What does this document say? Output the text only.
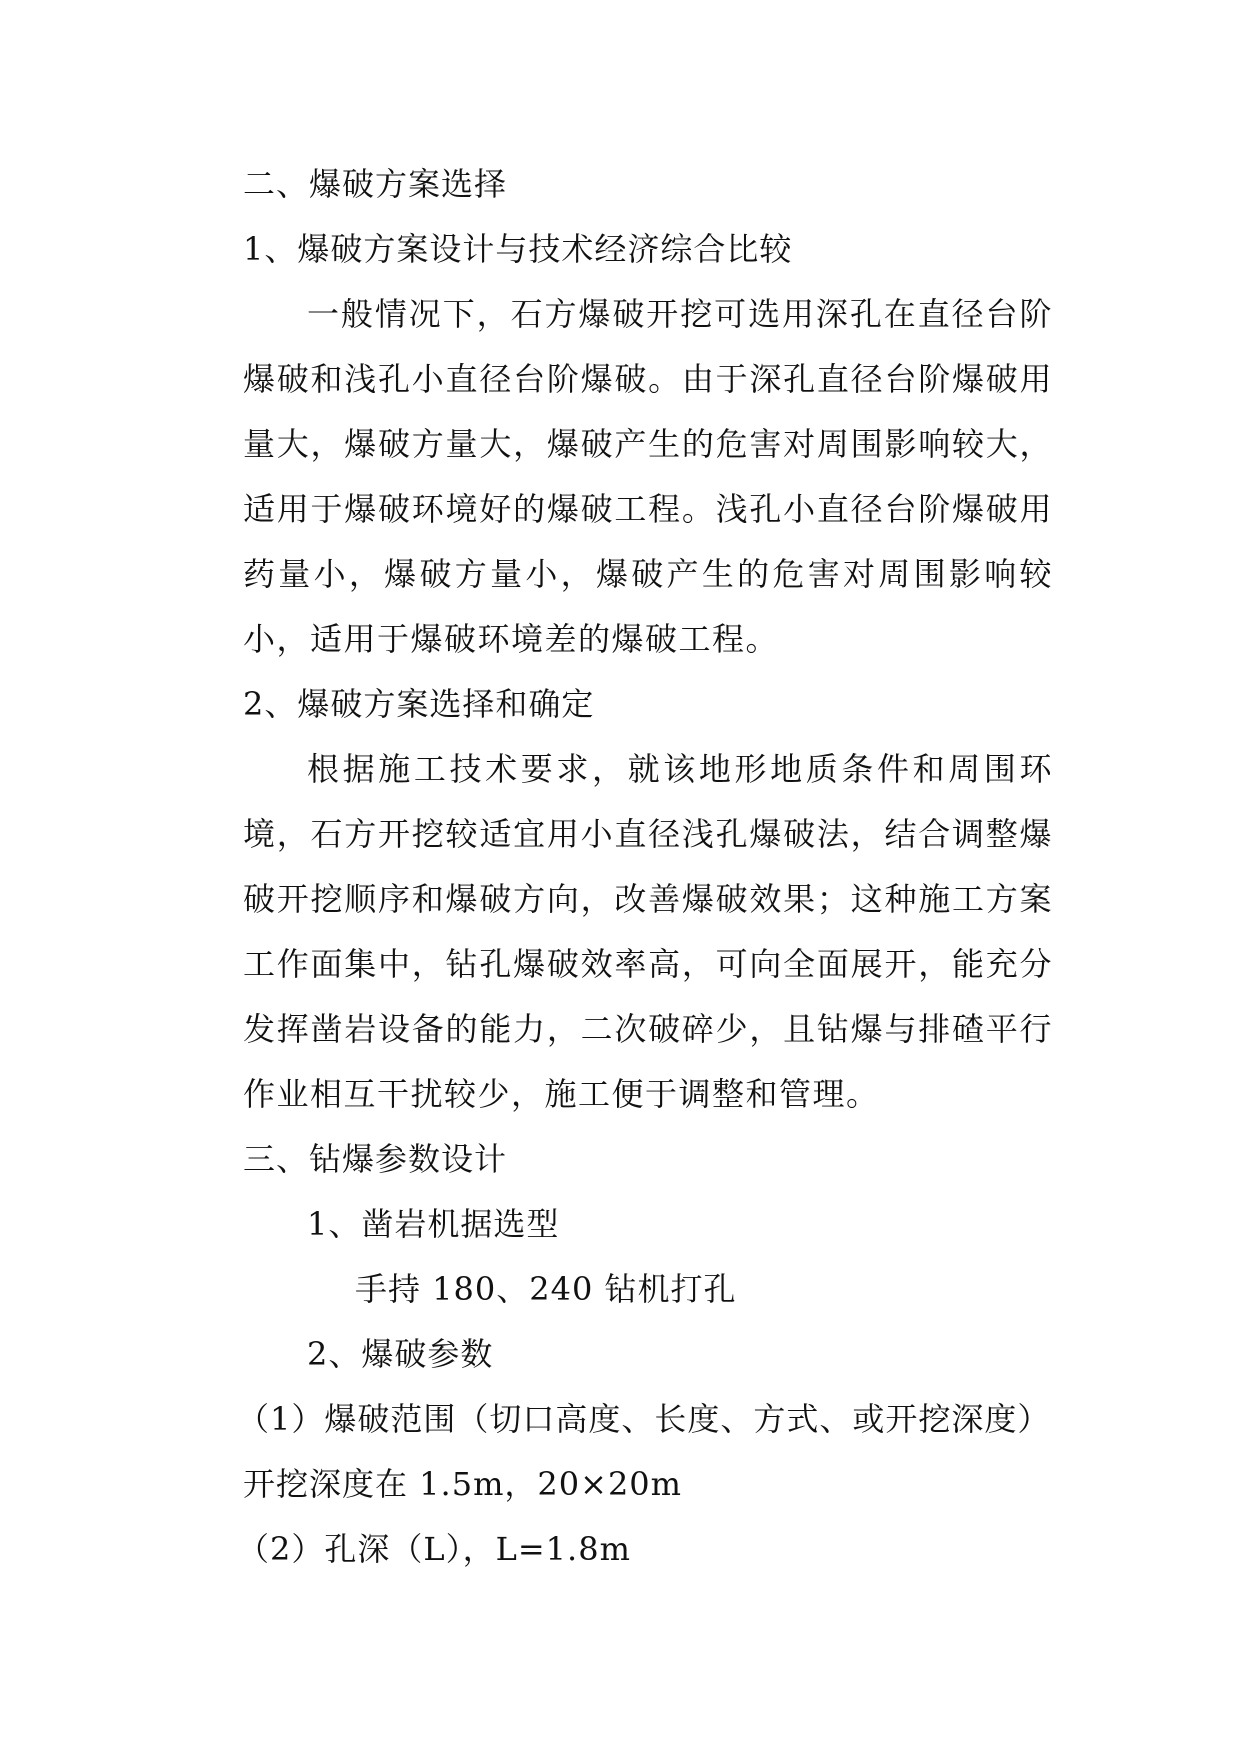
二、爆破方案选择
1、爆破方案设计与技术经济综合比较

一般情况下，石方爆破开挖可选用深孔在直径台阶爆破和浅孔小直径台阶爆破。由于深孔直径台阶爆破用量大，爆破方量大，爆破产生的危害对周围影响较大，适用于爆破环境好的爆破工程。浅孔小直径台阶爆破用药量小，爆破方量小，爆破产生的危害对周围影响较小，适用于爆破环境差的爆破工程。

2、爆破方案选择和确定

根据施工技术要求，就该地形地质条件和周围环境，石方开挖较适宜用小直径浅孔爆破法，结合调整爆破开挖顺序和爆破方向，改善爆破效果；这种施工方案工作面集中，钻孔爆破效率高，可向全面展开，能充分发挥凿岩设备的能力，二次破碎少，且钻爆与排碴平行作业相互干扰较少，施工便于调整和管理。

三、钻爆参数设计
1、凿岩机据选型
手持 180、240 钻机打孔
2、爆破参数
（1）爆破范围（切口高度、长度、方式、或开挖深度）
开挖深度在 1.5m，20×20m
（2）孔深（L），L=1.8m
